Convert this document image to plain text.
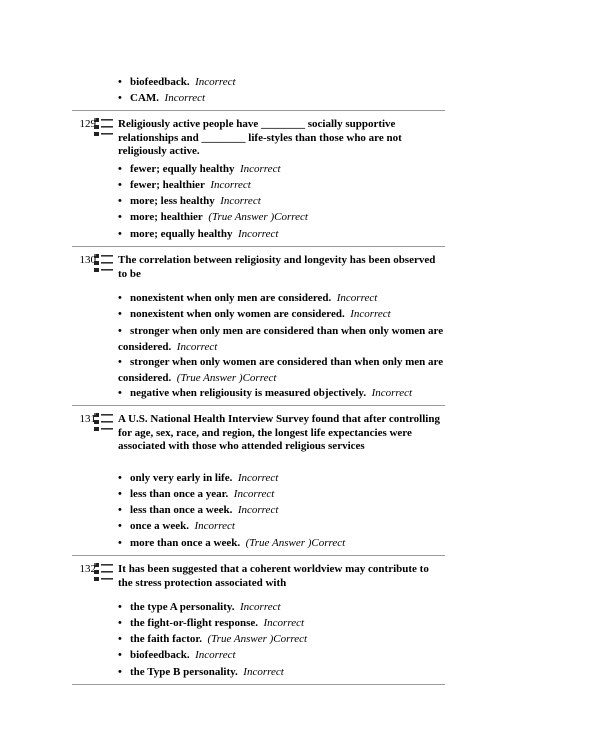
• biofeedback. Incorrect
• CAM. Incorrect
129 Religiously active people have ________ socially supportive relationships and ________ life-styles than those who are not religiously active.
• fewer; equally healthy Incorrect
• fewer; healthier Incorrect
• more; less healthy Incorrect
• more; healthier (True Answer )Correct
• more; equally healthy Incorrect
130 The correlation between religiosity and longevity has been observed to be
• nonexistent when only men are considered. Incorrect
• nonexistent when only women are considered. Incorrect
• stronger when only men are considered than when only women are considered. Incorrect
• stronger when only women are considered than when only men are considered. (True Answer )Correct
• negative when religiousity is measured objectively. Incorrect
131 A U.S. National Health Interview Survey found that after controlling for age, sex, race, and region, the longest life expectancies were associated with those who attended religious services
• only very early in life. Incorrect
• less than once a year. Incorrect
• less than once a week. Incorrect
• once a week. Incorrect
• more than once a week. (True Answer )Correct
132 It has been suggested that a coherent worldview may contribute to the stress protection associated with
• the type A personality. Incorrect
• the fight-or-flight response. Incorrect
• the faith factor. (True Answer )Correct
• biofeedback. Incorrect
• the Type B personality. Incorrect
